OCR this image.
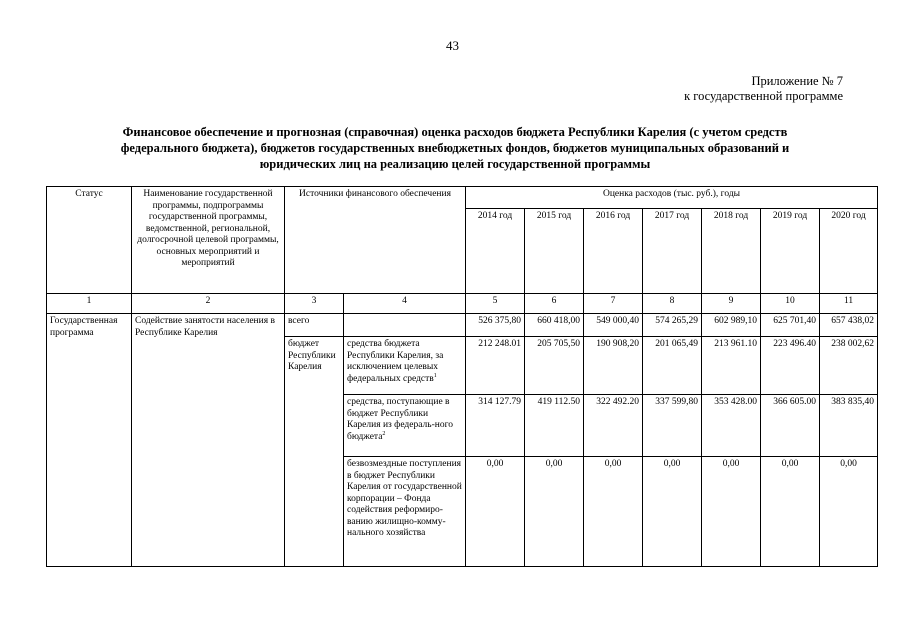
43
Приложение № 7
к государственной программе
Финансовое обеспечение и прогнозная (справочная) оценка расходов бюджета Республики Карелия (с учетом средств
федерального бюджета), бюджетов государственных внебюджетных фондов, бюджетов муниципальных образований и
юридических лиц на реализацию целей государственной программы
Статус	Наименование государственной программы, подпрограммы государственной программы, ведомственной, региональной, долгосрочной целевой программы, основных мероприятий и мероприятий	Источники финансового обеспечения		Оценка расходов (тыс. руб.), годы						
				2014 год	2015 год	2016 год	2017 год	2018 год	2019 год	2020 год
1	2	3	4	5	6	7	8	9	10	11
Государственная программа	Содействие занятости населения в Республике Карелия	всего		526 375,80	660 418,00	549 000,40	574 265,29	602 989,10	625 701,40	657 438,02
		бюджет Республики Карелия	средства бюджета Республики Карелия, за исключением целевых федеральных средств$^1$	212 248.01	205 705,50	190 908,20	201 065,49	213 961.10	223 496.40	238 002,62
			средства, поступающие в бюджет Республики Карелия из федераль-ного бюджета$^2$	314 127.79	419 112.50	322 492.20	337 599,80	353 428.00	366 605.00	383 835,40
			безвозмездные поступления в бюджет Республики Карелия от государственной корпорации – Фонда содействия реформиро-ванию жилищно-комму-нального хозяйства	0,00	0,00	0,00	0,00	0,00	0,00	0,00
